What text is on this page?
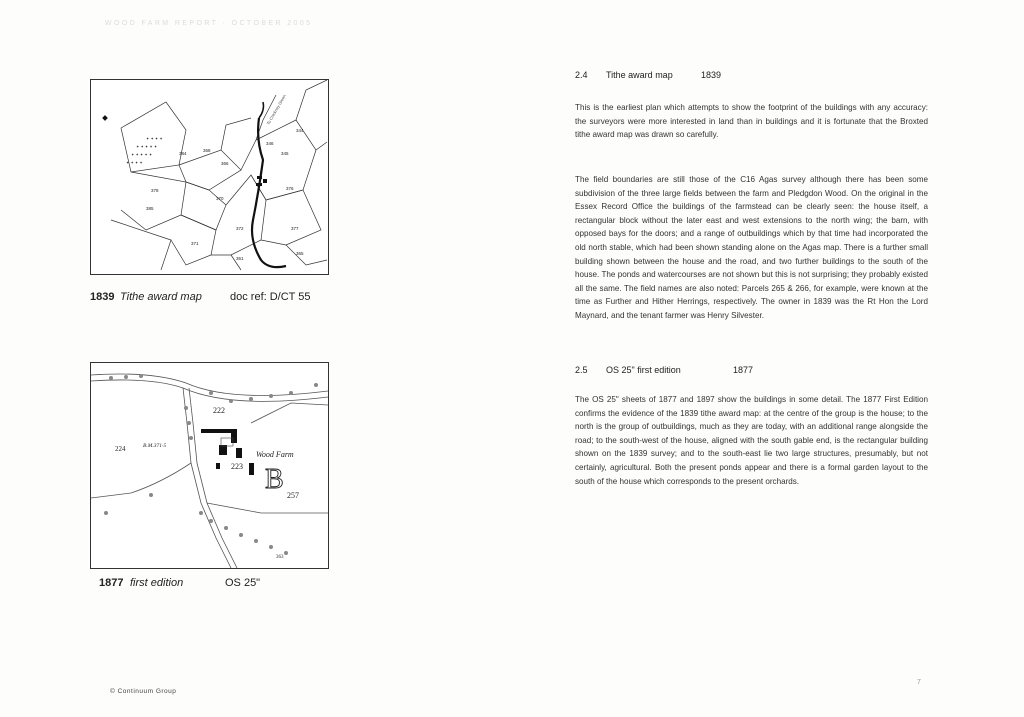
WOOD FARM REPORT · OCTOBER 2005
✦ ✦ ✦ ✦
✦ ✦ ✦ ✦ ✦
✦ ✦ ✦ ✦ ✦
✦ ✦ ✦ ✦	366
368
345
344
376
370
371
372	377
378
384
346
361
365
385
To Chickney Green
1839 Tithe award map	doc ref: D/CT 55
222
224
223
257
363
B.M.371·5
Wood Farm
B
1877 first edition	OS 25"
2.4 Tithe award map	1839

This is the earliest plan which attempts to show the footprint of the buildings with any accuracy: the surveyors were more interested in land than in buildings and it is fortunate that the Broxted tithe award map was drawn so carefully.

The field boundaries are still those of the C16 Agas survey although there has been some subdivision of the three large fields between the farm and Pledgdon Wood. On the original in the Essex Record Office the buildings of the farmstead can be clearly seen: the house itself, a rectangular block without the later east and west extensions to the north wing; the barn, with opposed bays for the doors; and a range of outbuildings which by that time had incorporated the old north stable, which had been shown standing alone on the Agas map. There is a further small building shown between the house and the road, and two further buildings to the south of the house. The ponds and watercourses are not shown but this is not surprising; they probably existed all the same. The field names are also noted: Parcels 265 & 266, for example, were known at the time as Further and Hither Herrings, respectively. The owner in 1839 was the Rt Hon the Lord Maynard, and the tenant farmer was Henry Silvester.

2.5 OS 25" first edition	1877

The OS 25" sheets of 1877 and 1897 show the buildings in some detail. The 1877 First Edition confirms the evidence of the 1839 tithe award map: at the centre of the group is the house; to the north is the group of outbuildings, much as they are today, with an additional range alongside the road; to the south-west of the house, aligned with the south gable end, is the rectangular building shown on the 1839 survey; and to the south-east lie two large structures, presumably, but not certainly, agricultural. Both the present ponds appear and there is a formal garden layout to the south of the house which corresponds to the present orchards.

© Continuum Group
7
